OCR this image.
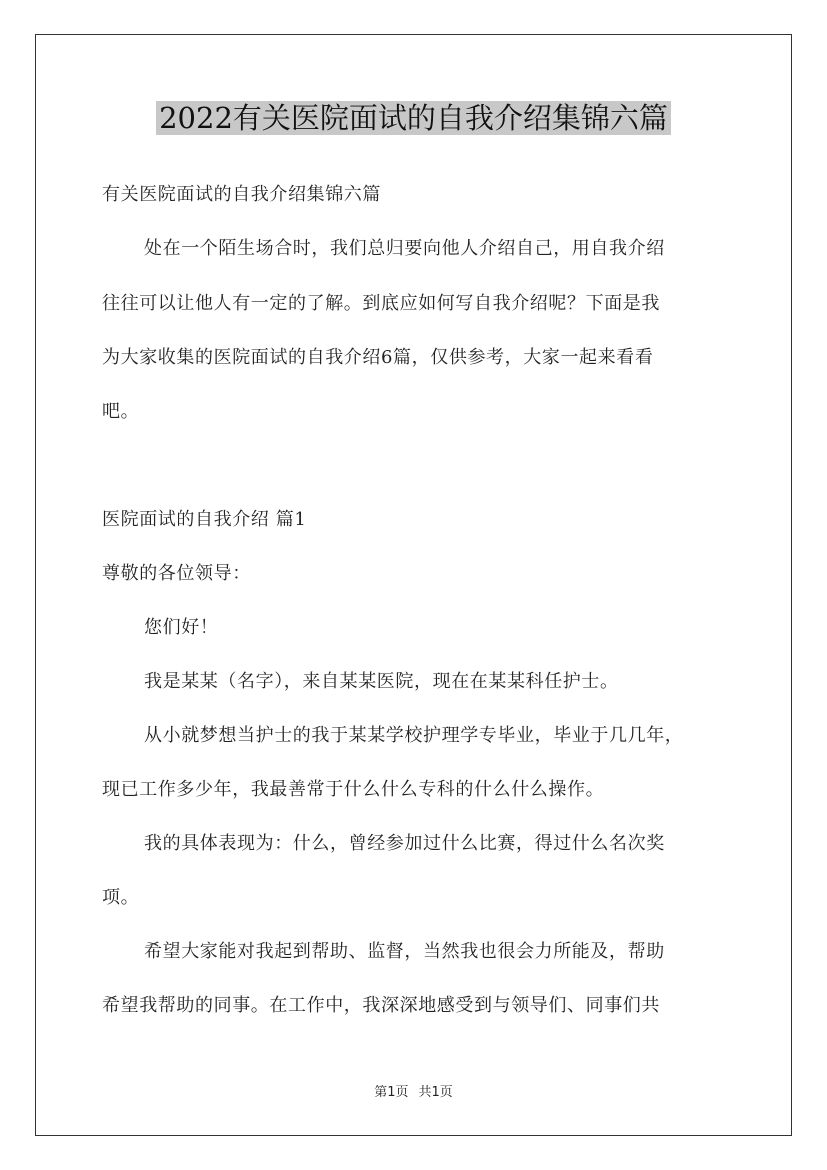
2022有关医院面试的自我介绍集锦六篇
有关医院面试的自我介绍集锦六篇
处在一个陌生场合时，我们总归要向他人介绍自己，用自我介绍
往往可以让他人有一定的了解。到底应如何写自我介绍呢？下面是我
为大家收集的医院面试的自我介绍6篇，仅供参考，大家一起来看看
吧。
医院面试的自我介绍 篇1
尊敬的各位领导：
您们好！
我是某某（名字），来自某某医院，现在在某某科任护士。
从小就梦想当护士的我于某某学校护理学专毕业，毕业于几几年，
现已工作多少年，我最善常于什么什么专科的什么什么操作。
我的具体表现为：什么，曾经参加过什么比赛，得过什么名次奖
项。
希望大家能对我起到帮助、监督，当然我也很会力所能及，帮助
希望我帮助的同事。在工作中，我深深地感受到与领导们、同事们共
第1页 共1页
